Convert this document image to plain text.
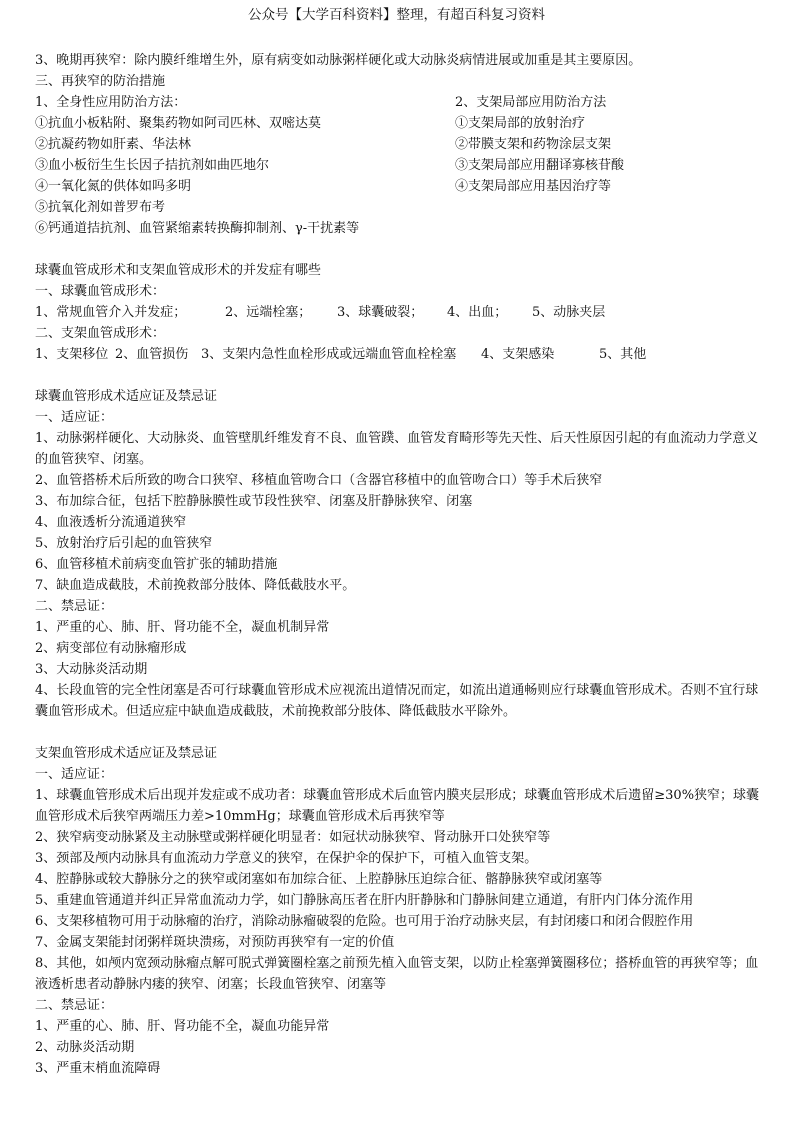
公众号【大学百科资料】整理，有超百科复习资料
3、晚期再狭窄：除内膜纤维增生外，原有病变如动脉粥样硬化或大动脉炎病情进展或加重是其主要原因。
三、再狭窄的防治措施
1、全身性应用防治方法：
①抗血小板粘附、聚集药物如阿司匹林、双嘧达莫
②抗凝药物如肝素、华法林
③血小板衍生生长因子拮抗剂如曲匹地尔
④一氧化氮的供体如吗多明
⑤抗氧化剂如普罗布考
⑥钙通道拮抗剂、血管紧缩素转换酶抑制剂、γ-干扰素等
2、支架局部应用防治方法
①支架局部的放射治疗
②带膜支架和药物涂层支架
③支架局部应用翻译寡核苷酸
④支架局部应用基因治疗等
球囊血管成形术和支架血管成形术的并发症有哪些
一、球囊血管成形术：
1、常规血管介入并发症；	2、远端栓塞； 3、球囊破裂； 4、出血； 5、动脉夹层
二、支架血管成形术：
1、支架移位 2、血管损伤 3、支架内急性血栓形成或远端血管血栓栓塞 4、支架感染	5、其他
球囊血管形成术适应证及禁忌证
一、适应证：
1、动脉粥样硬化、大动脉炎、血管壁肌纤维发育不良、血管蹼、血管发育畸形等先天性、后天性原因引起的有血流动力学意义的血管狭窄、闭塞。
2、血管搭桥术后所致的吻合口狭窄、移植血管吻合口（含器官移植中的血管吻合口）等手术后狭窄
3、布加综合征，包括下腔静脉膜性或节段性狭窄、闭塞及肝静脉狭窄、闭塞
4、血液透析分流通道狭窄
5、放射治疗后引起的血管狭窄
6、血管移植术前病变血管扩张的辅助措施
7、缺血造成截肢，术前挽救部分肢体、降低截肢水平。
二、禁忌证：
1、严重的心、肺、肝、肾功能不全，凝血机制异常
2、病变部位有动脉瘤形成
3、大动脉炎活动期
4、长段血管的完全性闭塞是否可行球囊血管形成术应视流出道情况而定，如流出道通畅则应行球囊血管形成术。否则不宜行球囊血管形成术。但适应症中缺血造成截肢，术前挽救部分肢体、降低截肢水平除外。
支架血管形成术适应证及禁忌证
一、适应证：
1、球囊血管形成术后出现并发症或不成功者：球囊血管形成术后血管内膜夹层形成；球囊血管形成术后遗留≥30%狭窄；球囊血管形成术后狭窄两端压力差>10mmHg；球囊血管形成术后再狭窄等
2、狭窄病变动脉紧及主动脉壁或粥样硬化明显者：如冠状动脉狭窄、肾动脉开口处狭窄等
3、颈部及颅内动脉具有血流动力学意义的狭窄，在保护伞的保护下，可植入血管支架。
4、腔静脉或较大静脉分之的狭窄或闭塞如布加综合征、上腔静脉压迫综合征、髂静脉狭窄或闭塞等
5、重建血管通道并纠正异常血流动力学，如门静脉高压者在肝内肝静脉和门静脉间建立通道，有肝内门体分流作用
6、支架移植物可用于动脉瘤的治疗，消除动脉瘤破裂的危险。也可用于治疗动脉夹层，有封闭瘘口和闭合假腔作用
7、金属支架能封闭粥样斑块溃疡，对预防再狭窄有一定的价值
8、其他，如颅内宽颈动脉瘤点解可脱式弹簧圈栓塞之前预先植入血管支架，以防止栓塞弹簧圈移位；搭桥血管的再狭窄等；血液透析患者动静脉内瘘的狭窄、闭塞；长段血管狭窄、闭塞等
二、禁忌证：
1、严重的心、肺、肝、肾功能不全，凝血功能异常
2、动脉炎活动期
3、严重末梢血流障碍
